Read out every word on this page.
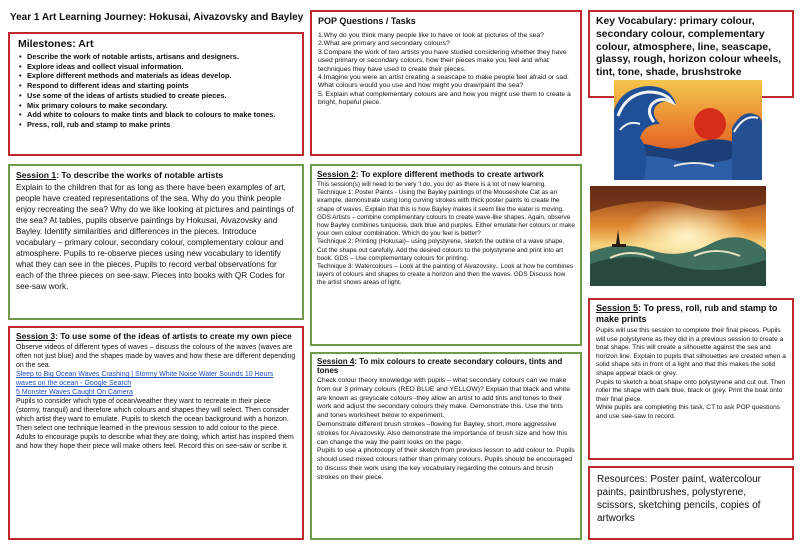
Year 1 Art Learning Journey: Hokusai, Aivazovsky and Bayley
Milestones: Art
• Describe the work of notable artists, artisans and designers.
• Explore ideas and collect visual information.
• Explore different methods and materials as ideas develop.
• Respond to different ideas and starting points
• Use some of the ideas of artists studied to create pieces.
• Mix primary colours to make secondary.
• Add white to colours to make tints and black to colours to make tones.
• Press, roll, rub and stamp to make prints
POP Questions / Tasks

1.Why do you think many people like to have or look at pictures of the sea?

2.What are primary and secondary colours?

3.Compare the work of two artists you have studied considering whether they have used primary or secondary colours, how their pieces make you feel and what techniques they have used to create their pieces.

4.Imagine you were an artist creating a seascape to make people feel afraid or sad. What colours would you use and how might you draw/paint the sea?

5. Explain what complementary colours are and how you might use them to create a bright, hopeful piece.

Key Vocabulary: primary colour, secondary colour, complementary colour, atmosphere, line, seascape, glassy, rough, horizon colour wheels, tint, tone, shade, brushstroke

Session 1: To describe the works of notable artists

Explain to the children that for as long as there have been examples of art, people have created representations of the sea. Why do you think people enjoy recreating the sea? Why do we like looking at pictures and paintings of the sea? At tables, pupils observe paintings by Hokusai, Aivazovsky and Bayley. Identify similarities and differences in the pieces. Introduce vocabulary – primary colour, secondary colour, complementary colour and atmosphere. Pupils to re-observe pieces using new vocabulary to identify what they can see in the pieces. Pupils to record verbal observations for each of the three pieces on see-saw. Pieces into books with QR Codes for see-saw work.

Session 2: To explore different methods to create artwork

This session(s) will need to be very 'I do, you do' as there is a lot of new learning.

Technique 1: Poster Paints - Using the Bayley paintings of the Mouseshole Cat as an example, demonstrate using long curving strokes with thick poster paints to create the shape of waves. Explain that this is how Bayley makes it seem like the water is moving. GDS Artists – combine complimentary colours to create wave-like shapes. Again, observe how Bayley combines turquoise, dark blue and purples. Either emulate her colours or make your own colour combination. Which do you feel is better?

Technique 2: Printing (Hokusai)– using polystyrene, sketch the outline of a wave shape. Cut the shape out carefully. Add the desired colours to the polystyrene and print into art book. GDS – Use complementary colours for printing.

Technique 3: Watercolours – Look at the painting of Aivazovsky.. Look at how he combines layers of colours and shapes to create a horizon and then the waves. GDS Discuss how the artist shows areas of light.

Session 5: To press, roll, rub and stamp to make prints

Pupils will use this session to complete their final pieces. Pupils will use polystyrene as they did in a previous session to create a boat shape. This will create a silhouette against the sea and horizon line. Explain to pupils that silhouettes are created when a solid shape sits in front of a light and that this makes the solid shape appear black or grey.

Pupils to sketch a boat shape onto polystyrene and cut out. Then roller the shape with dark blue, black or grey. Print the boat onto their final piece.

While pupils are completing this task, CT to ask POP questions and use see-saw to record.

Session 3: To use some of the ideas of artists to create my own piece

Observe videos of different types of waves – discuss the colours of the waves (waves are often not just blue) and the shapes made by waves and how these are different depending on the sea.

Sleep to Big Ocean Waves Crashing | Stormy White Noise Water Sounds 10 Hours
waves on the ocean - Google Search
5 Monster Waves Caught On Camera

Pupils to consider which type of ocean/weather they want to recreate in their piece (stormy, tranquil) and therefore which colours and shapes they will select. Then consider which artist they want to emulate. Pupils to sketch the ocean background with a horizon. Then select one technique learned in the previous session to add colour to the piece. Adults to encourage pupils to describe what they are doing, which artist has inspired them and how they hope their piece will make others feel. Record this on see-saw or scribe it.

Session 4: To mix colours to create secondary colours, tints and tones

Check colour theory knowledge with pupils – what secondary colours can we make from our 3 primary colours (RED BLUE and YELLOW)? Explain that black and white are known as greyscale colours -they allow an artist to add tints and tones to their work and adjust the secondary colours they make. Demonstrate this. Use the tints and tones worksheet below to experiment.

Demonstrate different brush strokes –flowing for Bayley, short, more aggressive strokes for Aivazovsky. Also demonstrate the importance of brush size and how this can change the way the paint looks on the page.

Pupils to use a photocopy of their sketch from previous lesson to add colour to. Pupils should used mixed colours rather than primary colours. Pupils should be encouraged to discuss their work using the key vocabulary regarding the colours and brush strokes on their piece.	Resources: Poster paint, watercolour paints, paintbrushes, polystyrene, scissors, sketching pencils, copies of artworks
